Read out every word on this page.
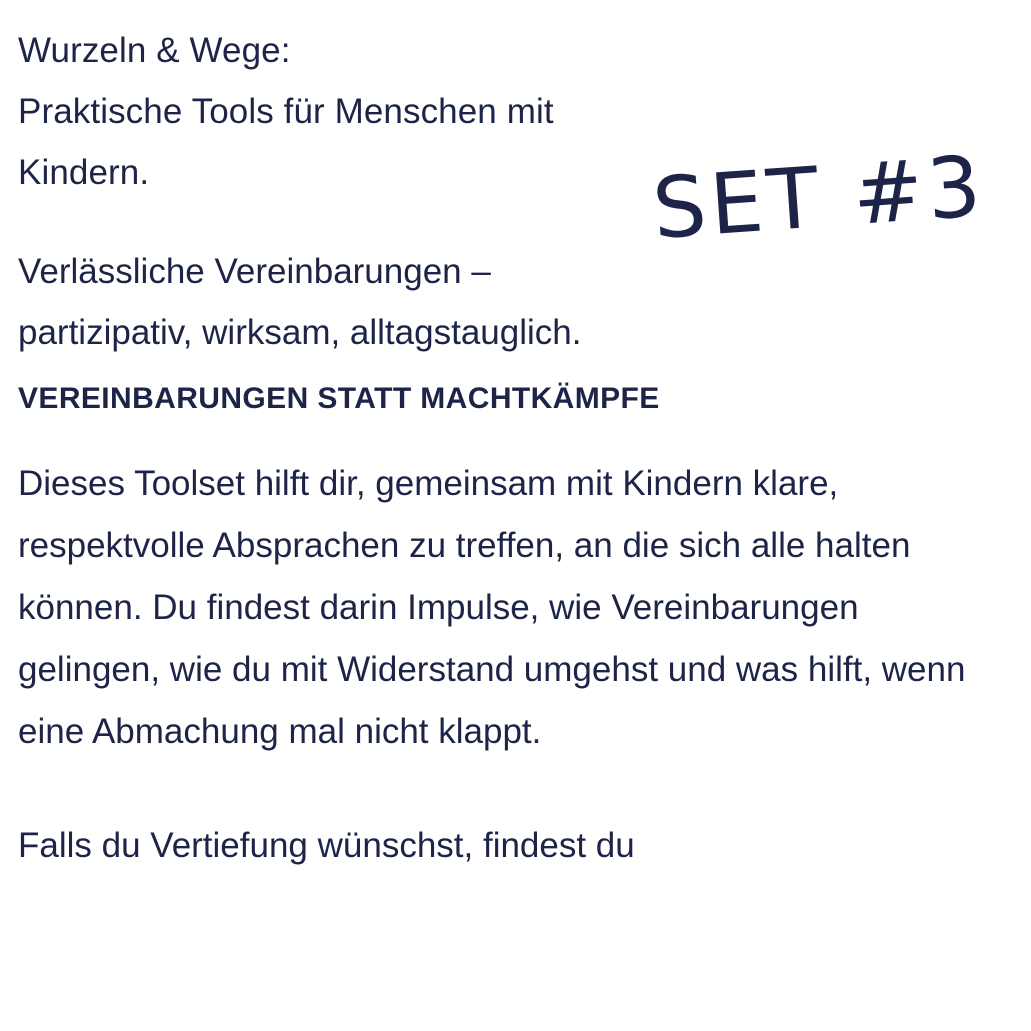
Wurzeln & Wege:
Praktische Tools für Menschen mit
Kindern.
Verlässliche Vereinbarungen –
partizipativ, wirksam, alltagstauglich.
VEREINBARUNGEN STATT MACHTKÄMPFE
Dieses Toolset hilft dir, gemeinsam mit Kindern klare, respektvolle Absprachen zu treffen, an die sich alle halten können. Du findest darin Impulse, wie Vereinbarungen gelingen, wie du mit Widerstand umgehst und was hilft, wenn eine Abmachung mal nicht klappt.
Falls du Vertiefung wünschst, findest du
SET #3
